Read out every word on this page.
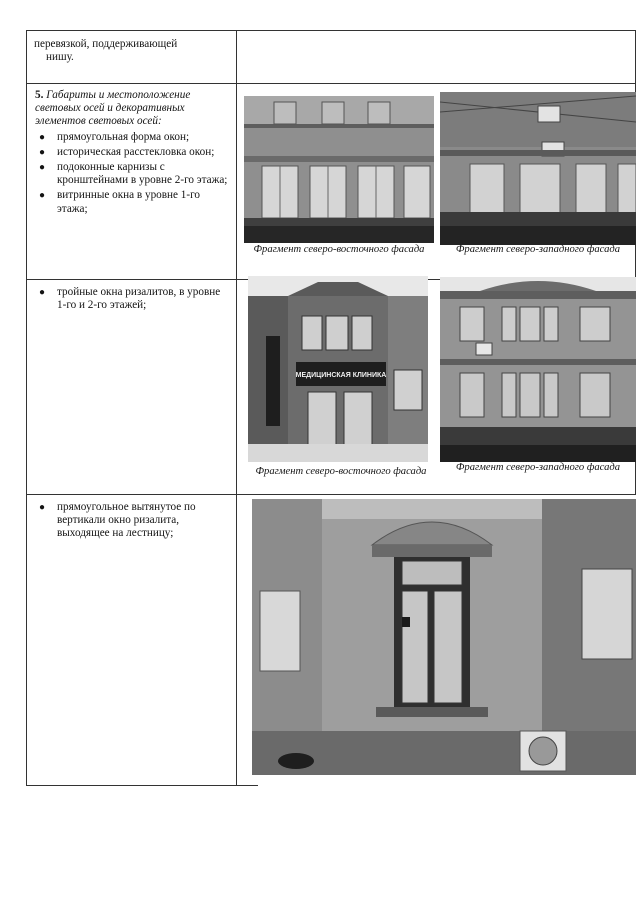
перевязкой, поддерживающей
нишу.
5. Габариты и местоположение световых осей и декоративных элементов световых осей:
● прямоугольная форма окон;
● историческая расстекловка окон;
● подоконные карнизы с кронштейнами в уровне 2-го этажа;
● витринные окна в уровне 1-го этажа;
Фрагмент северо-восточного фасада	Фрагмент северо-западного фасада
● тройные окна ризалитов, в уровне 1-го и 2-го этажей;
МЕДИЦИНСКАЯ КЛИНИКА
Фрагмент северо-восточного фасада	Фрагмент северо-западного фасада
● прямоугольное вытянутое по вертикали окно ризалита, выходящее на лестницу;
